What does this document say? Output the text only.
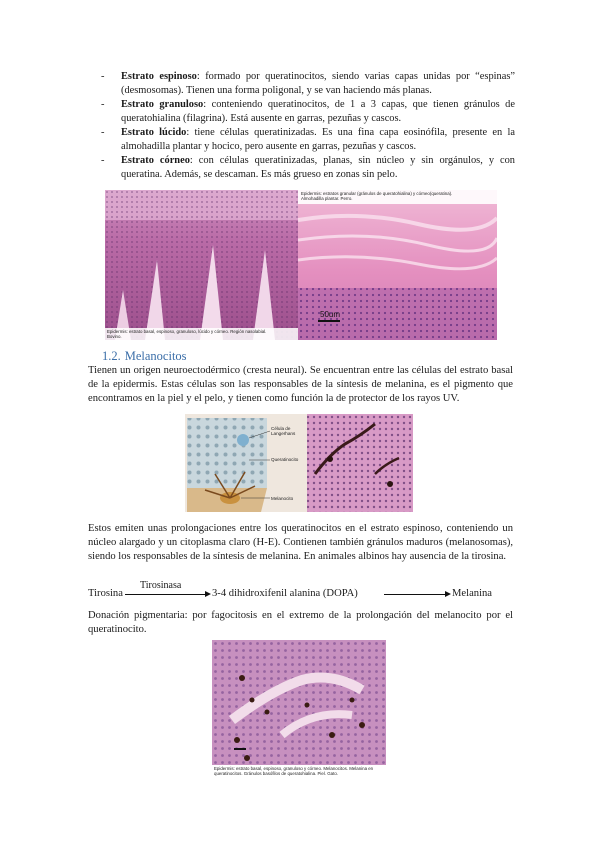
- Estrato espinoso: formado por queratinocitos, siendo varias capas unidas por “espinas” (desmosomas). Tienen una forma poligonal, y se van haciendo más planas.
- Estrato granuloso: conteniendo queratinocitos, de 1 a 3 capas, que tienen gránulos de queratohialina (filagrina). Está ausente en garras, pezuñas y cascos.
- Estrato lúcido: tiene células queratinizadas. Es una fina capa eosinófila, presente en la almohadilla plantar y hocico, pero ausente en garras, pezuñas y cascos.
- Estrato córneo: con células queratinizadas, planas, sin núcleo y sin orgánulos, y con queratina. Además, se descaman. Es más grueso en zonas sin pelo.
Epidermis: estrato basal, espinoso, granuloso, lúcido y córneo. Región nasolabial. Bovino.
Epidermis: estratos granular (gránulos de queratohialina) y córneo(queratina). Almohadilla plantar. Perro.
50um
1.2. Melanocitos
Tienen un origen neuroectodérmico (cresta neural). Se encuentran entre las células del estrato basal de la epidermis. Estas células son las responsables de la síntesis de melanina, es el pigmento que encontramos en la piel y el pelo, y tienen como función la de protector de los rayos UV.
Célula de Langerhans
Queratinocito
Melanocito
Estos emiten unas prolongaciones entre los queratinocitos en el estrato espinoso, conteniendo un núcleo alargado y un citoplasma claro (H-E). Contienen también gránulos maduros (melanosomas), siendo los responsables de la síntesis de melanina. En animales albinos hay ausencia de la tirosina.
Tirosina
Tirosinasa
3-4 dihidroxifenil alanina (DOPA)	Melanina
Donación pigmentaria: por fagocitosis en el extremo de la prolongación del melanocito por el queratinocito.
Epidermis: estrato basal, espinoso, granuloso y córneo. Melanocitos. Melanina en queratinocitos. Gránulos basófilos de queratohialina. Piel. Gato.
